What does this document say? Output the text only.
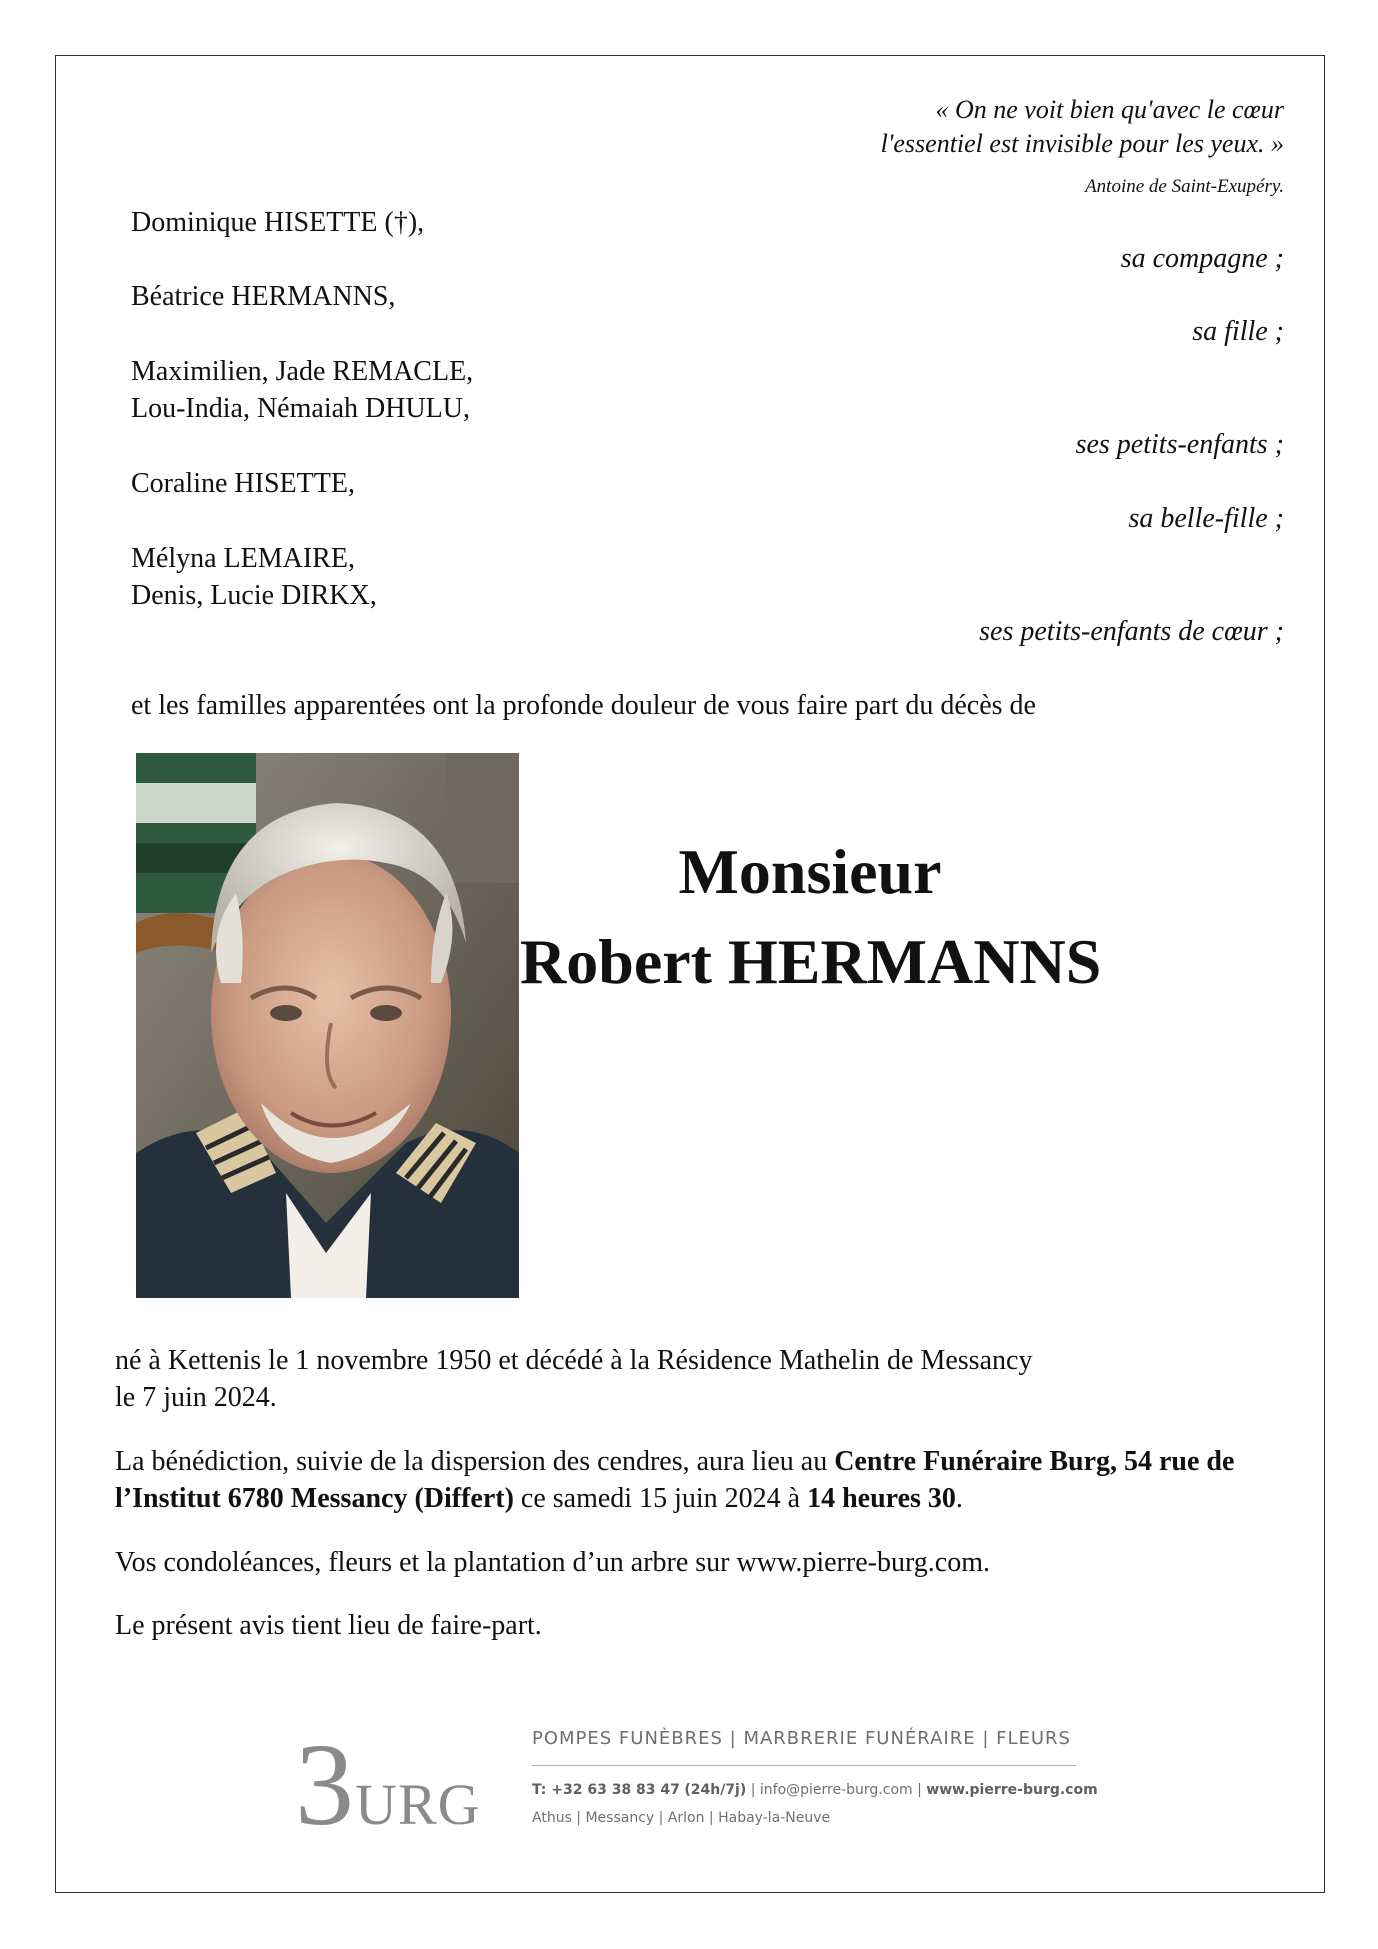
« On ne voit bien qu'avec le cœur

l'essentiel est invisible pour les yeux. »

Antoine de Saint-Exupéry.

Dominique HISETTE (†),

sa compagne ;

Béatrice HERMANNS,

sa fille ;

Maximilien, Jade REMACLE,

Lou-India, Némaiah DHULU,

ses petits-enfants ;

Coraline HISETTE,

sa belle-fille ;

Mélyna LEMAIRE,

Denis, Lucie DIRKX,

ses petits-enfants de cœur ;

et les familles apparentées ont la profonde douleur de vous faire part du décès de

Monsieur

Robert HERMANNS

né à Kettenis le 1 novembre 1950 et décédé à la Résidence Mathelin de Messancy
le 7 juin 2024.

La bénédiction, suivie de la dispersion des cendres, aura lieu au Centre Funéraire Burg, 54 rue de l’Institut 6780 Messancy (Differt) ce samedi 15 juin 2024 à 14 heures 30.

Vos condoléances, fleurs et la plantation d’un arbre sur www.pierre-burg.com.

Le présent avis tient lieu de faire-part.

3 URG

POMPES FUNÈBRES | MARBRERIE FUNÉRAIRE | FLEURS

T: +32 63 38 83 47 (24h/7j) | info@pierre-burg.com | www.pierre-burg.com

Athus | Messancy | Arlon | Habay-la-Neuve
